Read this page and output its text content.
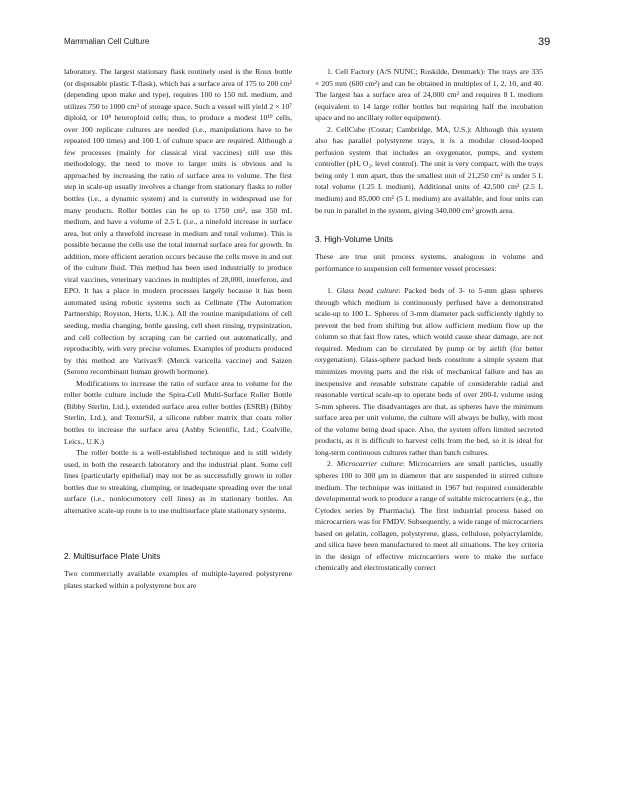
Mammalian Cell Culture	39

laboratory. The largest stationary flask routinely used is the Roux bottle (or disposable plastic T-flask), which has a surface area of 175 to 200 cm² (depending upon make and type), requires 100 to 150 mL medium, and utilizes 750 to 1000 cm³ of storage space. Such a vessel will yield 2 × 10⁷ diploid, or 10⁸ heteroploid cells; thus, to produce a modest 10¹⁰ cells, over 100 replicate cultures are needed (i.e., manipulations have to be repeated 100 times) and 100 L of culture space are required. Although a few processes (mainly for classical viral vaccines) still use this methodology, the need to move to larger units is obvious and is approached by increasing the ratio of surface area to volume. The first step in scale-up usually involves a change from stationary flasks to roller bottles (i.e., a dynamic system) and is currently in widespread use for many products. Roller bottles can be up to 1750 cm², use 350 mL medium, and have a volume of 2.5 L (i.e., a ninefold increase in surface area, but only a threefold increase in medium and total volume). This is possible because the cells use the total internal surface area for growth. In addition, more efficient aeration occurs because the cells move in and out of the culture fluid. This method has been used industrially to produce viral vaccines, veterinary vaccines in multiples of 28,000, interferon, and EPO. It has a place in modern processes largely because it has been automated using robotic systems such as Cellmate (The Automation Partnership; Royston, Herts, U.K.). All the routine manipulations of cell seeding, media changing, bottle gassing, cell sheet rinsing, trypsinization, and cell collection by scraping can be carried out automatically, and reproducibly, with very precise volumes. Examples of products produced by this method are Varivax® (Merck varicella vaccine) and Saizen (Serono recombinant human growth hormone).

Modifications to increase the ratio of surface area to volume for the roller bottle culture include the Spira-Cell Multi-Surface Roller Bottle (Bibby Sterlin, Ltd.), extended surface area roller bottles (ESRB) (Bibby Sterlin, Ltd.), and TexturSil, a silicone rubber matrix that coats roller bottles to increase the surface area (Ashby Scientific, Ltd.; Coalville, Leics., U.K.)

The roller bottle is a well-established technique and is still widely used, in both the research laboratory and the industrial plant. Some cell lines (particularly epithelial) may not be as successfully grown in roller bottles due to streaking, clumping, or inadequate spreading over the total surface (i.e., nonlocomotory cell lines) as in stationary bottles. An alternative scale-up route is to use multisurface plate stationary systems.

2. Multisurface Plate Units

Two commercially available examples of multiple-layered polystyrene plates stacked within a polystyrene box are

1. Cell Factory (A/S NUNC; Roskilde, Denmark): The trays are 335 × 205 mm (600 cm²) and can be obtained in multiples of 1, 2, 10, and 40. The largest has a surface area of 24,000 cm² and requires 8 L medium (equivalent to 14 large roller bottles but requiring half the incubation space and no ancillary roller equipment).

2. CellCube (Costar; Cambridge, MA, U.S.): Although this system also has parallel polystyrene trays, it is a modular closed-looped perfusion system that includes an oxygenator, pumps, and system controller (pH, O₂, level control). The unit is very compact, with the trays being only 1 mm apart, thus the smallest unit of 21,250 cm² is under 5 L total volume (1.25 L medium). Additional units of 42,500 cm² (2.5 L medium) and 85,000 cm² (5 L medium) are available, and four units can be run in parallel in the system, giving 340,000 cm² growth area.

3. High-Volume Units

These are true unit process systems, analogous in volume and performance to suspension cell fermenter vessel processes:

1. Glass bead culture: Packed beds of 3- to 5-mm glass spheres through which medium is continuously perfused have a demonstrated scale-up to 100 L. Spheres of 3-mm diameter pack sufficiently tightly to prevent the bed from shifting but allow sufficient medium flow up the column so that fast flow rates, which would cause shear damage, are not required. Medium can be circulated by pump or by airlift (for better oxygenation). Glass-sphere packed beds constitute a simple system that minimizes moving parts and the risk of mechanical failure and has an inexpensive and reusable substrate capable of considerable radial and reasonable vertical scale-up to operate beds of over 200-L volume using 5-mm spheres. The disadvantages are that, as spheres have the minimum surface area per unit volume, the culture will always be bulky, with most of the volume being dead space. Also, the system offers limited secreted products, as it is difficult to harvest cells from the bed, so it is ideal for long-term continuous cultures rather than batch cultures.

2. Microcarrier culture: Microcarriers are small particles, usually spheres 100 to 300 μm in diameter that are suspended in stirred culture medium. The technique was initiated in 1967 but required considerable developmental work to produce a range of suitable microcarriers (e.g., the Cytodex series by Pharmacia). The first industrial process based on microcarriers was for FMDV. Subsequently, a wide range of microcarriers based on gelatin, collagen, polystyrene, glass, cellulose, polyacrylamide, and silica have been manufactured to meet all situations. The key criteria in the design of effective microcarriers were to make the surface chemically and electrostatically correct
